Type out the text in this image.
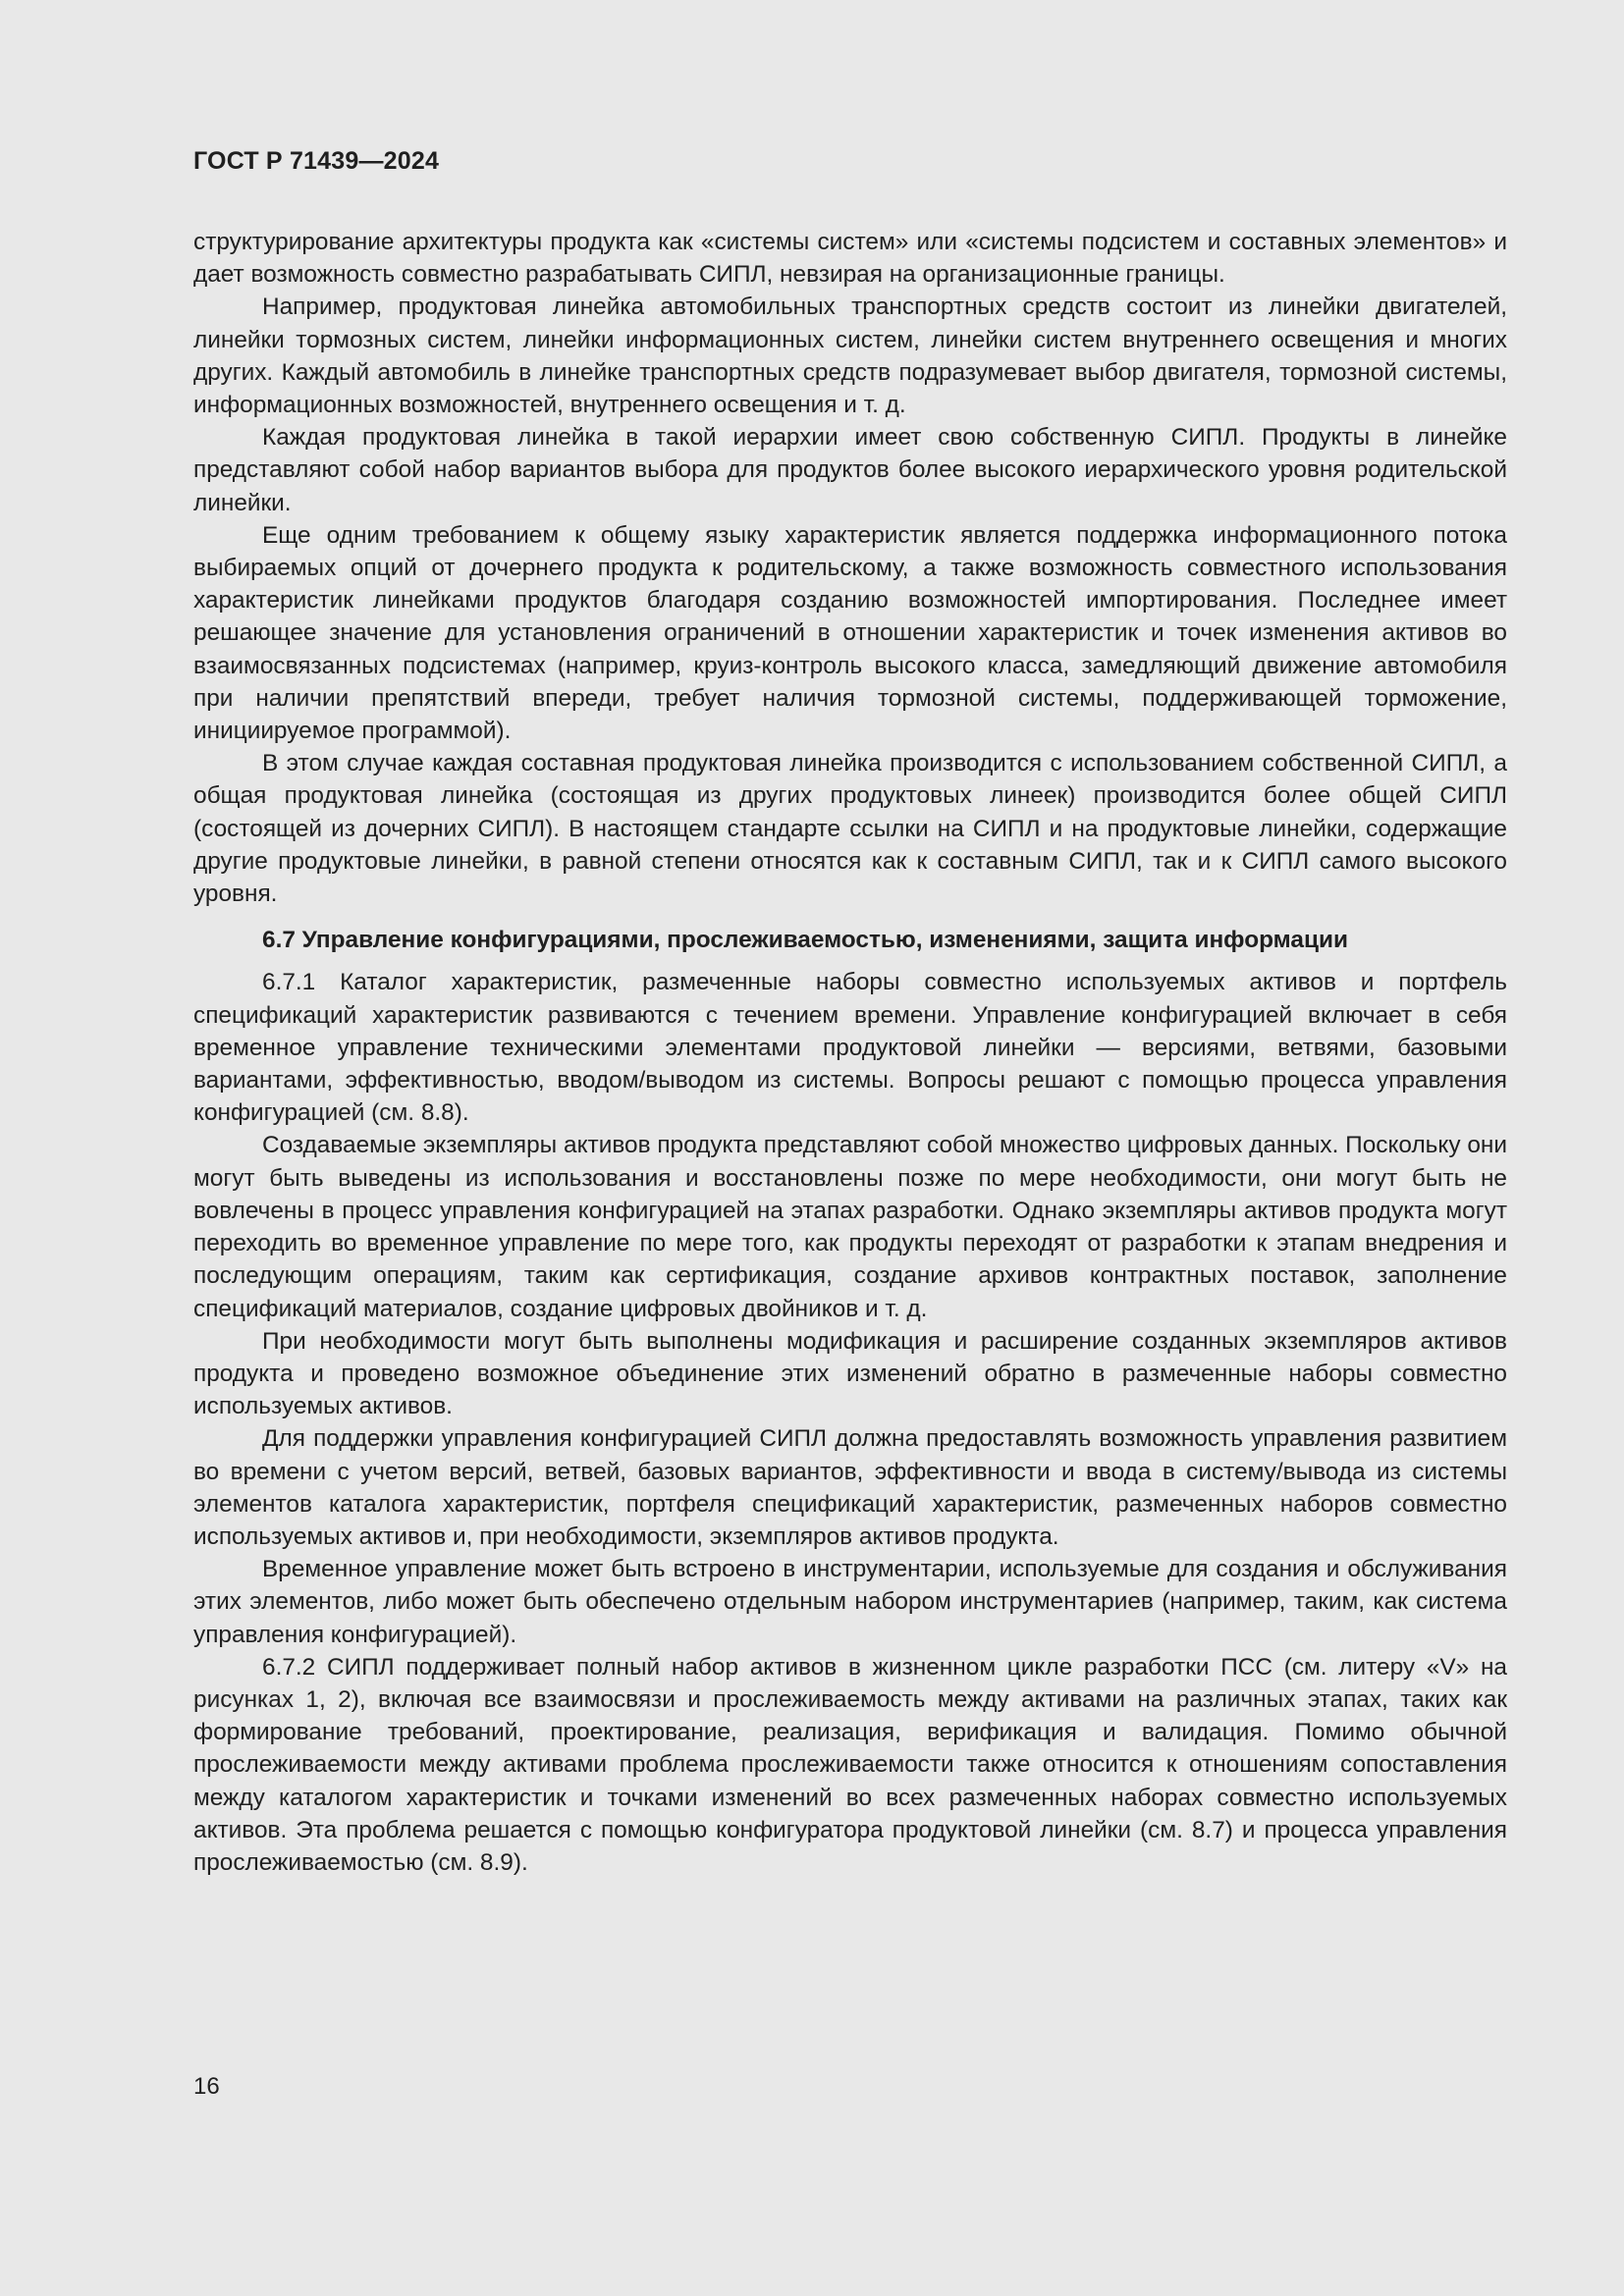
ГОСТ Р 71439—2024

структурирование архитектуры продукта как «системы систем» или «системы подсистем и составных элементов» и дает возможность совместно разрабатывать СИПЛ, невзирая на организационные границы.

Например, продуктовая линейка автомобильных транспортных средств состоит из линейки двигателей, линейки тормозных систем, линейки информационных систем, линейки систем внутреннего освещения и многих других. Каждый автомобиль в линейке транспортных средств подразумевает выбор двигателя, тормозной системы, информационных возможностей, внутреннего освещения и т. д.

Каждая продуктовая линейка в такой иерархии имеет свою собственную СИПЛ. Продукты в линейке представляют собой набор вариантов выбора для продуктов более высокого иерархического уровня родительской линейки.

Еще одним требованием к общему языку характеристик является поддержка информационного потока выбираемых опций от дочернего продукта к родительскому, а также возможность совместного использования характеристик линейками продуктов благодаря созданию возможностей импортирования. Последнее имеет решающее значение для установления ограничений в отношении характеристик и точек изменения активов во взаимосвязанных подсистемах (например, круиз-контроль высокого класса, замедляющий движение автомобиля при наличии препятствий впереди, требует наличия тормозной системы, поддерживающей торможение, инициируемое программой).

В этом случае каждая составная продуктовая линейка производится с использованием собственной СИПЛ, а общая продуктовая линейка (состоящая из других продуктовых линеек) производится более общей СИПЛ (состоящей из дочерних СИПЛ). В настоящем стандарте ссылки на СИПЛ и на продуктовые линейки, содержащие другие продуктовые линейки, в равной степени относятся как к составным СИПЛ, так и к СИПЛ самого высокого уровня.

6.7 Управление конфигурациями, прослеживаемостью, изменениями, защита информации

6.7.1 Каталог характеристик, размеченные наборы совместно используемых активов и портфель спецификаций характеристик развиваются с течением времени. Управление конфигурацией включает в себя временное управление техническими элементами продуктовой линейки — версиями, ветвями, базовыми вариантами, эффективностью, вводом/выводом из системы. Вопросы решают с помощью процесса управления конфигурацией (см. 8.8).

Создаваемые экземпляры активов продукта представляют собой множество цифровых данных. Поскольку они могут быть выведены из использования и восстановлены позже по мере необходимости, они могут быть не вовлечены в процесс управления конфигурацией на этапах разработки. Однако экземпляры активов продукта могут переходить во временное управление по мере того, как продукты переходят от разработки к этапам внедрения и последующим операциям, таким как сертификация, создание архивов контрактных поставок, заполнение спецификаций материалов, создание цифровых двойников и т. д.

При необходимости могут быть выполнены модификация и расширение созданных экземпляров активов продукта и проведено возможное объединение этих изменений обратно в размеченные наборы совместно используемых активов.

Для поддержки управления конфигурацией СИПЛ должна предоставлять возможность управления развитием во времени с учетом версий, ветвей, базовых вариантов, эффективности и ввода в систему/вывода из системы элементов каталога характеристик, портфеля спецификаций характеристик, размеченных наборов совместно используемых активов и, при необходимости, экземпляров активов продукта.

Временное управление может быть встроено в инструментарии, используемые для создания и обслуживания этих элементов, либо может быть обеспечено отдельным набором инструментариев (например, таким, как система управления конфигурацией).

6.7.2 СИПЛ поддерживает полный набор активов в жизненном цикле разработки ПСС (см. литеру «V» на рисунках 1, 2), включая все взаимосвязи и прослеживаемость между активами на различных этапах, таких как формирование требований, проектирование, реализация, верификация и валидация. Помимо обычной прослеживаемости между активами проблема прослеживаемости также относится к отношениям сопоставления между каталогом характеристик и точками изменений во всех размеченных наборах совместно используемых активов. Эта проблема решается с помощью конфигуратора продуктовой линейки (см. 8.7) и процесса управления прослеживаемостью (см. 8.9).

16
